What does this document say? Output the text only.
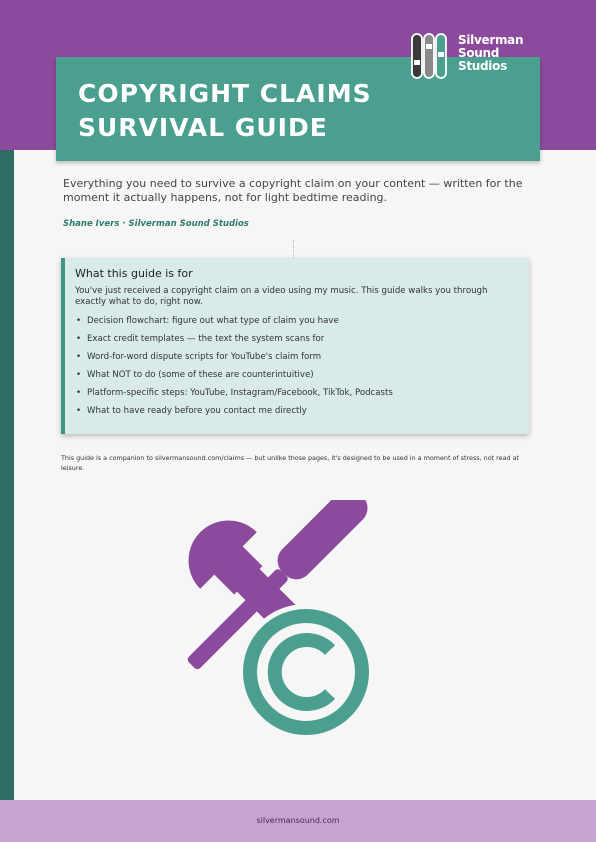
COPYRIGHT CLAIMS
SURVIVAL GUIDE
Silverman
Sound
Studios

Everything you need to survive a copyright claim on your content — written for the moment it actually happens, not for light bedtime reading.

Shane Ivers · Silverman Sound Studios

What this guide is for

You've just received a copyright claim on a video using my music. This guide walks you through exactly what to do, right now.

• Decision flowchart: figure out what type of claim you have
• Exact credit templates — the text the system scans for
• Word-for-word dispute scripts for YouTube's claim form
• What NOT to do (some of these are counterintuitive)
• Platform-specific steps: YouTube, Instagram/Facebook, TikTok, Podcasts
• What to have ready before you contact me directly

This guide is a companion to silvermansound.com/claims — but unlike those pages, it's designed to be used in a moment of stress, not read at leisure.

silvermansound.com
